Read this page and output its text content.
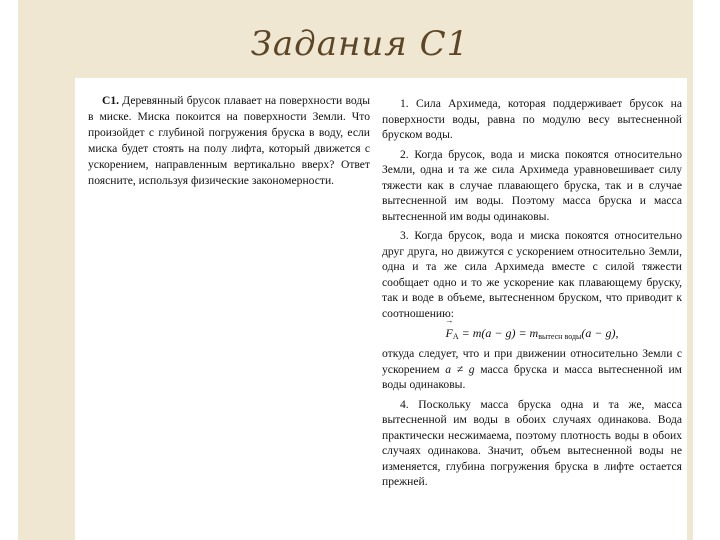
Задания С1

С1. Деревянный брусок плавает на поверхности воды в миске. Миска покоится на поверхности Земли. Что произойдет с глубиной погружения бруска в воду, если миска будет стоять на полу лифта, который движется с ускорением, направленным вертикально вверх? Ответ поясните, используя физические закономерности.

1. Сила Архимеда, которая поддерживает брусок на поверхности воды, равна по модулю весу вытесненной бруском воды.

2. Когда брусок, вода и миска покоятся относительно Земли, одна и та же сила Архимеда уравновешивает силу тяжести как в случае плавающего бруска, так и в случае вытесненной им воды. Поэтому масса бруска и масса вытесненной им воды одинаковы.

3. Когда брусок, вода и миска покоятся относительно друг друга, но движутся с ускорением относительно Земли, одна и та же сила Архимеда вместе с силой тяжести сообщает одно и то же ускорение как плавающему бруску, так и воде в объеме, вытесненном бруском, что приводит к соотношению:

→ $F_A = m(a - g) = m_{вытесн воды}(a - g)$,

откуда следует, что и при движении относительно Земли с ускорением a ≠ g масса бруска и масса вытесненной им воды одинаковы.

4. Поскольку масса бруска одна и та же, масса вытесненной им воды в обоих случаях одинакова. Вода практически несжимаема, поэтому плотность воды в обоих случаях одинакова. Значит, объем вытесненной воды не изменяется, глубина погружения бруска в лифте остается прежней.
